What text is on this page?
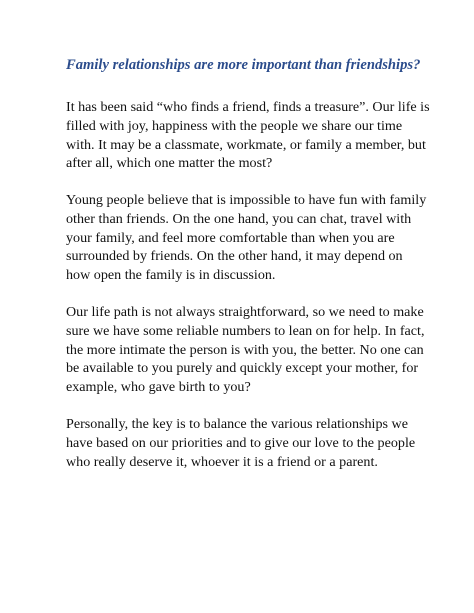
Family relationships are more important than friendships?
It has been said “who finds a friend, finds a treasure”. Our life is
filled with joy, happiness with the people we share our time
with. It may be a classmate, workmate, or family a member, but
after all, which one matter the most?
Young people believe that is impossible to have fun with family
other than friends. On the one hand, you can chat, travel with
your family, and feel more comfortable than when you are
surrounded by friends. On the other hand, it may depend on
how open the family is in discussion.
Our life path is not always straightforward, so we need to make
sure we have some reliable numbers to lean on for help. In fact,
the more intimate the person is with you, the better. No one can
be available to you purely and quickly except your mother, for
example, who gave birth to you?
Personally, the key is to balance the various relationships we
have based on our priorities and to give our love to the people
who really deserve it, whoever it is a friend or a parent.
